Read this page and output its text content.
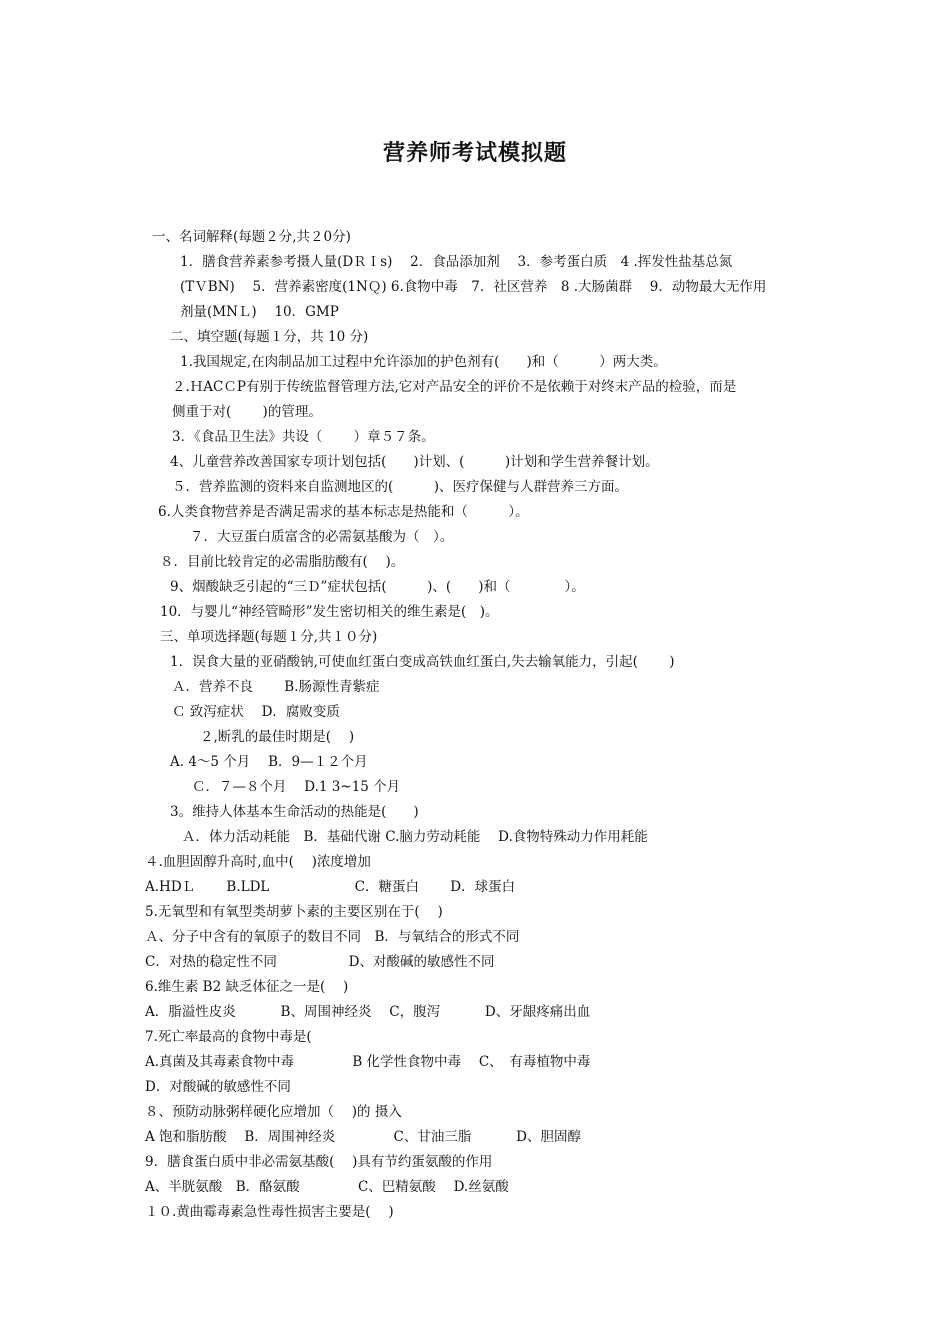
营养师考试模拟题
一、名词解释(每题２分,共２0分)
1．膳食营养素参考摄人量(DＲＩs)　 2．食品添加剂　 3．参考蛋白质　4 .挥发性盐基总氮
(TＶBN)　 5．营养素密度(1NＱ) 6.食物中毒　7．社区营养　8 .大肠菌群　 9．动物最大无作用
剂量(MNＬ)　 10．GMP
二、填空题(每题１分，共 10 分)
1.我国规定,在肉制品加工过程中允许添加的护色剂有(　　)和（　　　）两大类。
２.ＨACＣP有别于传统监督管理方法,它对产品安全的评价不是依赖于对终末产品的检验，而是
侧重于对(　　 )的管理。
3．《食品卫生法》共设（　　 ）章５７条。
4、儿童营养改善国家专项计划包括(　　)计划、(　　　)计划和学生营养餐计划。
５．营养监测的资料来自监测地区的(　　　)、医疗保健与人群营养三方面。
6.人类食物营养是否满足需求的基本标志是热能和（　　　）。
７．大豆蛋白质富含的必需氨基酸为（　）。
８．目前比较肯定的必需脂肪酸有(　 )。
9、烟酸缺乏引起的“三Ｄ”症状包括(　　　)、(　　)和（　　　　）。
10．与婴儿“神经管畸形”发生密切相关的维生素是(　)。
三、单项选择题(每题１分,共１０分)
1．误食大量的亚硝酸钠,可使血红蛋白变成高铁血红蛋白,失去输氧能力，引起(　　 )
Ａ．营养不良　　 B.肠源性青紫症
Ｃ 致泻症状　 D．腐败变质
２,断乳的最佳时期是(　 )
A. 4～5 个月　 B．9—１２个月
Ｃ．７—８个月　 D.1 3~15 个月
3。维持人体基本生命活动的热能是(　　)
Ａ．体力活动耗能　B．基础代谢 C.脑力劳动耗能　 D.食物特殊动力作用耗能
４.血胆固醇升高时,血中(　 )浓度增加
A.HDＬ　　 B.LDL　　　　　　 C．糖蛋白　　 D．球蛋白
5.无氧型和有氧型类胡萝卜素的主要区别在于(　 )
Ａ、分子中含有的氧原子的数目不同　B．与氧结合的形式不同
C．对热的稳定性不同　　　　　 D、对酸碱的敏感性不同
6.维生素 B2 缺乏体征之一是(　 )
A．脂溢性皮炎　　　 B、周围神经炎　 C，腹泻　　　 D、牙龈疼痛出血
7.死亡率最高的食物中毒是(
A.真菌及其毒素食物中毒　　　　 B 化学性食物中毒　 C、　有毒植物中毒
D．对酸碱的敏感性不同
８、预防动脉粥样硬化应增加（　 )的 摄入
A 饱和脂肪酸　 B．周围神经炎　　　　 C、甘油三脂　　　 D、胆固醇
9．膳食蛋白质中非必需氨基酸(　 )具有节约蛋氨酸的作用
A、半胱氨酸　B．酪氨酸　　　　 C、巴精氨酸　 D.丝氨酸
１０.黄曲霉毒素急性毒性损害主要是(　 )
